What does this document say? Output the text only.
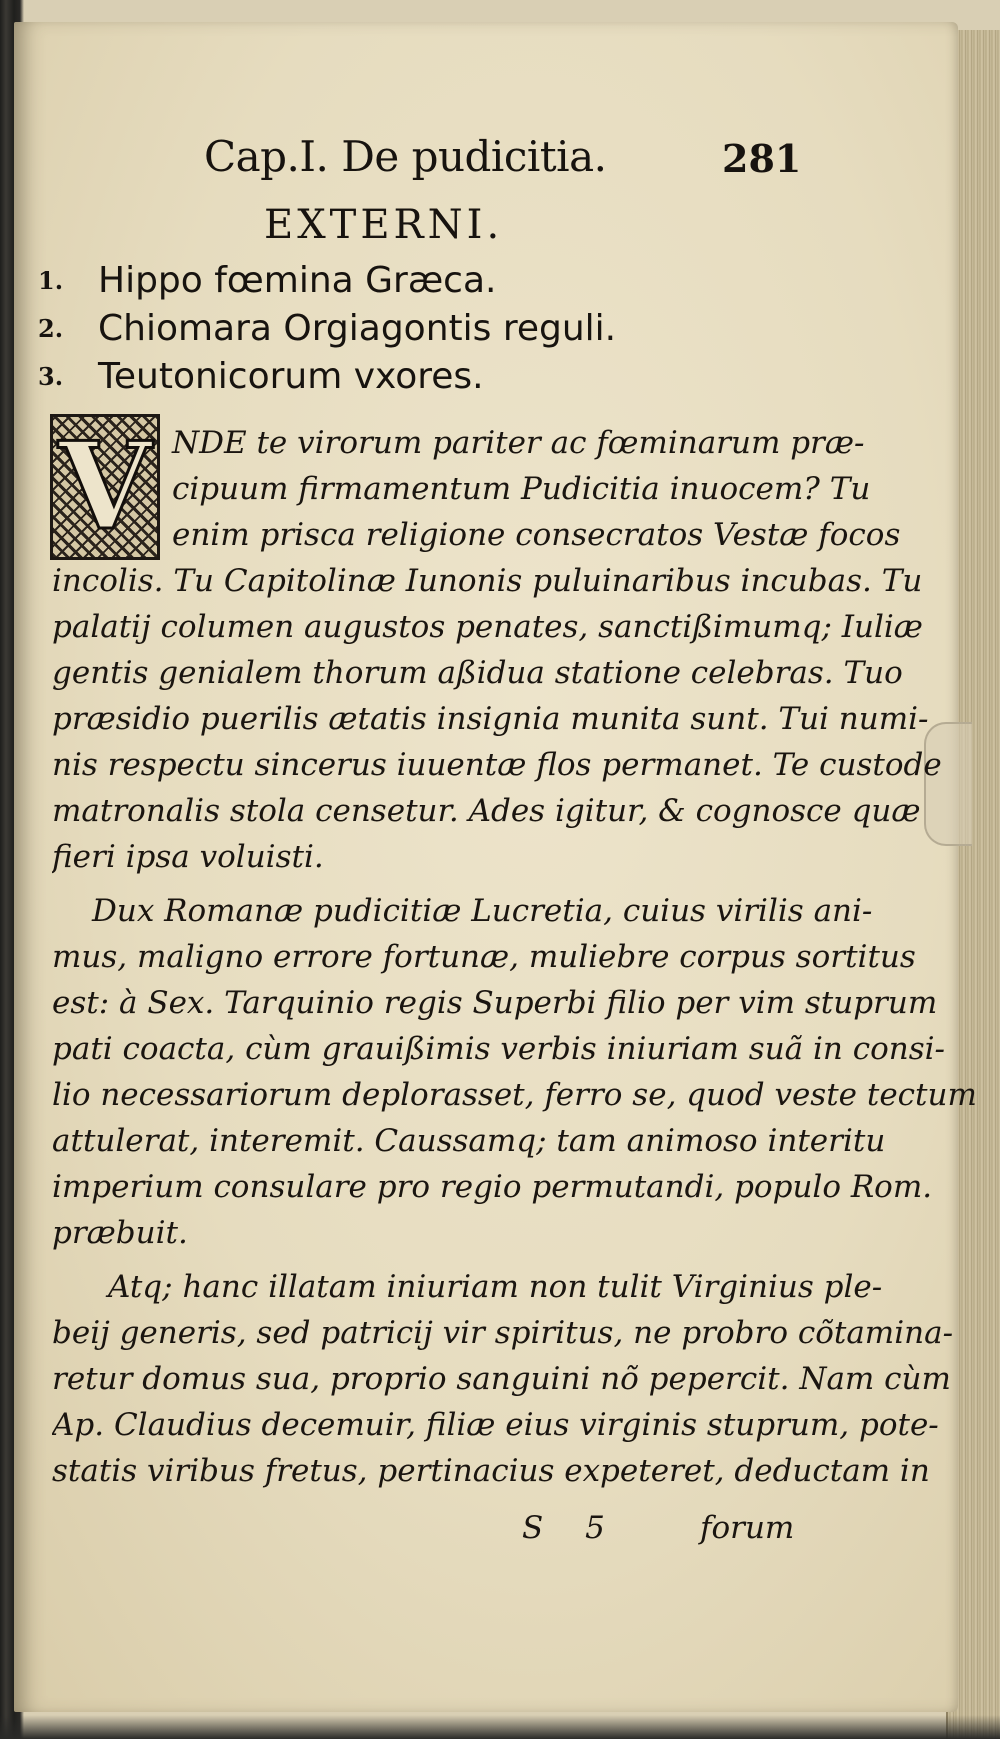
Cap.I. De pudicitia.	281
EXTERNI.
1. Hippo fœmina Græca.
2. Chiomara Orgiagontis reguli.
3. Teutonicorum vxores.
V NDE te virorum pariter ac fœminarum præ-
cipuum firmamentum Pudicitia inuocem? Tu
enim prisca religione consecratos Vestæ focos
incolis. Tu Capitolinæ Iunonis puluinaribus incubas. Tu
palatij columen augustos penates, sanctißimumq; Iuliæ
gentis genialem thorum aßidua statione celebras. Tuo
præsidio puerilis ætatis insignia munita sunt. Tui numi-
nis respectu sincerus iuuentæ flos permanet. Te custode
matronalis stola censetur. Ades igitur, & cognosce quæ
fieri ipsa voluisti.
Dux Romanæ pudicitiæ Lucretia, cuius virilis ani-
mus, maligno errore fortunæ, muliebre corpus sortitus
est: à Sex. Tarquinio regis Superbi filio per vim stuprum
pati coacta, cùm grauißimis verbis iniuriam suã in consi-
lio necessariorum deplorasset, ferro se, quod veste tectum
attulerat, interemit. Caussamq; tam animoso interitu
imperium consulare pro regio permutandi, populo Rom.
præbuit.
Atq; hanc illatam iniuriam non tulit Virginius ple-
beij generis, sed patricij vir spiritus, ne probro cõtamina-
retur domus sua, proprio sanguini nõ pepercit. Nam cùm
Ap. Claudius decemuir, filiæ eius virginis stuprum, pote-
statis viribus fretus, pertinacius expeteret, deductam in
S 5	forum
